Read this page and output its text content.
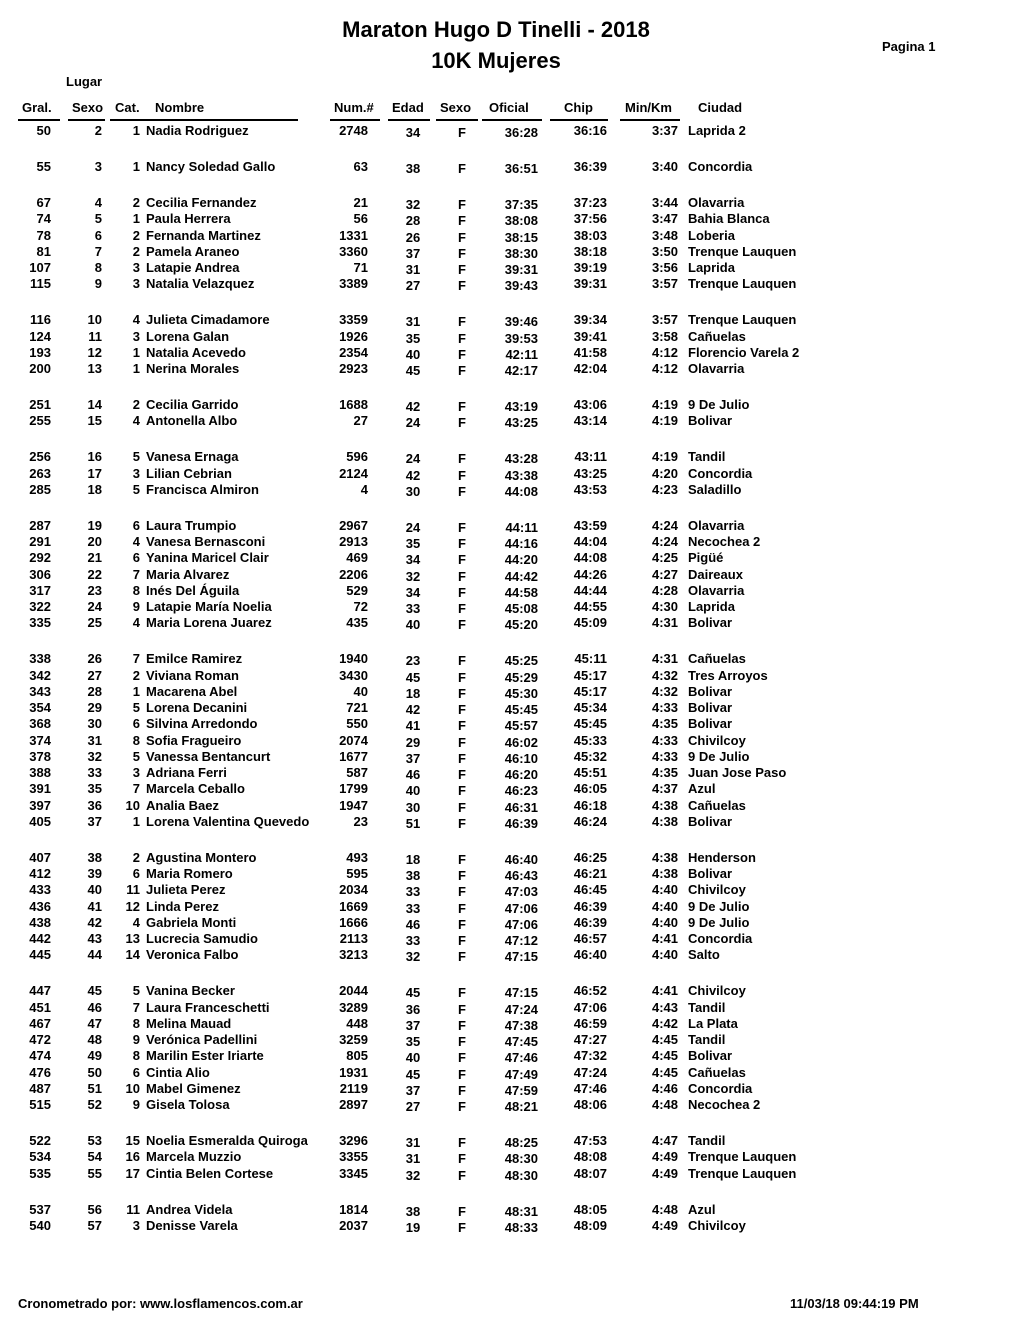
Maraton Hugo D Tinelli - 2018
10K Mujeres
Pagina 1
Lugar
Gral. Sexo Cat. Nombre	Num.# Edad Sexo Oficial	Chip Min/Km Ciudad
50	2	1 Nadia Rodriguez	2748	34	F	36:28	36:16	3:37 Laprida 2
55	3	1 Nancy Soledad Gallo	63	38	F	36:51	36:39	3:40 Concordia
67	4	2 Cecilia Fernandez	21	32	F	37:35	37:23	3:44 Olavarria
74	5	1 Paula Herrera	56	28	F	38:08	37:56	3:47 Bahia Blanca
78	6	2 Fernanda Martinez	1331	26	F	38:15	38:03	3:48 Loberia
81	7	2 Pamela Araneo	3360	37	F	38:30	38:18	3:50 Trenque Lauquen
107	8	3 Latapie Andrea	71	31	F	39:31	39:19	3:56 Laprida
115	9	3 Natalia Velazquez	3389	27	F	39:43	39:31	3:57 Trenque Lauquen
116	10	4 Julieta Cimadamore	3359	31	F	39:46	39:34	3:57 Trenque Lauquen
124	11	3 Lorena Galan	1926	35	F	39:53	39:41	3:58 Cañuelas
193	12	1 Natalia Acevedo	2354	40	F	42:11	41:58	4:12 Florencio Varela 2
200	13	1 Nerina Morales	2923	45	F	42:17	42:04	4:12 Olavarria
251	14	2 Cecilia Garrido	1688	42	F	43:19	43:06	4:19 9 De Julio
255	15	4 Antonella Albo	27	24	F	43:25	43:14	4:19 Bolivar
256	16	5 Vanesa Ernaga	596	24	F	43:28	43:11	4:19 Tandil
263	17	3 Lilian Cebrian	2124	42	F	43:38	43:25	4:20 Concordia
285	18	5 Francisca Almiron	4	30	F	44:08	43:53	4:23 Saladillo
287	19	6 Laura Trumpio	2967	24	F	44:11	43:59	4:24 Olavarria
291	20	4 Vanesa Bernasconi	2913	35	F	44:16	44:04	4:24 Necochea 2
292	21	6 Yanina Maricel Clair	469	34	F	44:20	44:08	4:25 Pigüé
306	22	7 Maria Alvarez	2206	32	F	44:42	44:26	4:27 Daireaux
317	23	8 Inés Del Águila	529	34	F	44:58	44:44	4:28 Olavarria
322	24	9 Latapie María Noelia	72	33	F	45:08	44:55	4:30 Laprida
335	25	4 Maria Lorena Juarez	435	40	F	45:20	45:09	4:31 Bolivar
338	26	7 Emilce Ramirez	1940	23	F	45:25	45:11	4:31 Cañuelas
342	27	2 Viviana Roman	3430	45	F	45:29	45:17	4:32 Tres Arroyos
343	28	1 Macarena Abel	40	18	F	45:30	45:17	4:32 Bolivar
354	29	5 Lorena Decanini	721	42	F	45:45	45:34	4:33 Bolivar
368	30	6 Silvina Arredondo	550	41	F	45:57	45:45	4:35 Bolivar
374	31	8 Sofia Fragueiro	2074	29	F	46:02	45:33	4:33 Chivilcoy
378	32	5 Vanessa Bentancurt	1677	37	F	46:10	45:32	4:33 9 De Julio
388	33	3 Adriana Ferri	587	46	F	46:20	45:51	4:35 Juan Jose Paso
391	35	7 Marcela Ceballo	1799	40	F	46:23	46:05	4:37 Azul
397	36	10 Analia Baez	1947	30	F	46:31	46:18	4:38 Cañuelas
405	37	1 Lorena Valentina Quevedo	23	51	F	46:39	46:24	4:38 Bolivar
407	38	2 Agustina Montero	493	18	F	46:40	46:25	4:38 Henderson
412	39	6 Maria Romero	595	38	F	46:43	46:21	4:38 Bolivar
433	40	11 Julieta Perez	2034	33	F	47:03	46:45	4:40 Chivilcoy
436	41	12 Linda Perez	1669	33	F	47:06	46:39	4:40 9 De Julio
438	42	4 Gabriela Monti	1666	46	F	47:06	46:39	4:40 9 De Julio
442	43	13 Lucrecia Samudio	2113	33	F	47:12	46:57	4:41 Concordia
445	44	14 Veronica Falbo	3213	32	F	47:15	46:40	4:40 Salto
447	45	5 Vanina Becker	2044	45	F	47:15	46:52	4:41 Chivilcoy
451	46	7 Laura Franceschetti	3289	36	F	47:24	47:06	4:43 Tandil
467	47	8 Melina Mauad	448	37	F	47:38	46:59	4:42 La Plata
472	48	9 Verónica Padellini	3259	35	F	47:45	47:27	4:45 Tandil
474	49	8 Marilin Ester Iriarte	805	40	F	47:46	47:32	4:45 Bolivar
476	50	6 Cintia Alio	1931	45	F	47:49	47:24	4:45 Cañuelas
487	51	10 Mabel Gimenez	2119	37	F	47:59	47:46	4:46 Concordia
515	52	9 Gisela Tolosa	2897	27	F	48:21	48:06	4:48 Necochea 2
522	53	15 Noelia Esmeralda Quiroga	3296	31	F	48:25	47:53	4:47 Tandil
534	54	16 Marcela Muzzio	3355	31	F	48:30	48:08	4:49 Trenque Lauquen
535	55	17 Cintia Belen Cortese	3345	32	F	48:30	48:07	4:49 Trenque Lauquen
537	56	11 Andrea Videla	1814	38	F	48:31	48:05	4:48 Azul
540	57	3 Denisse Varela	2037	19	F	48:33	48:09	4:49 Chivilcoy
Cronometrado por: www.losflamencos.com.ar	11/03/18 09:44:19 PM
